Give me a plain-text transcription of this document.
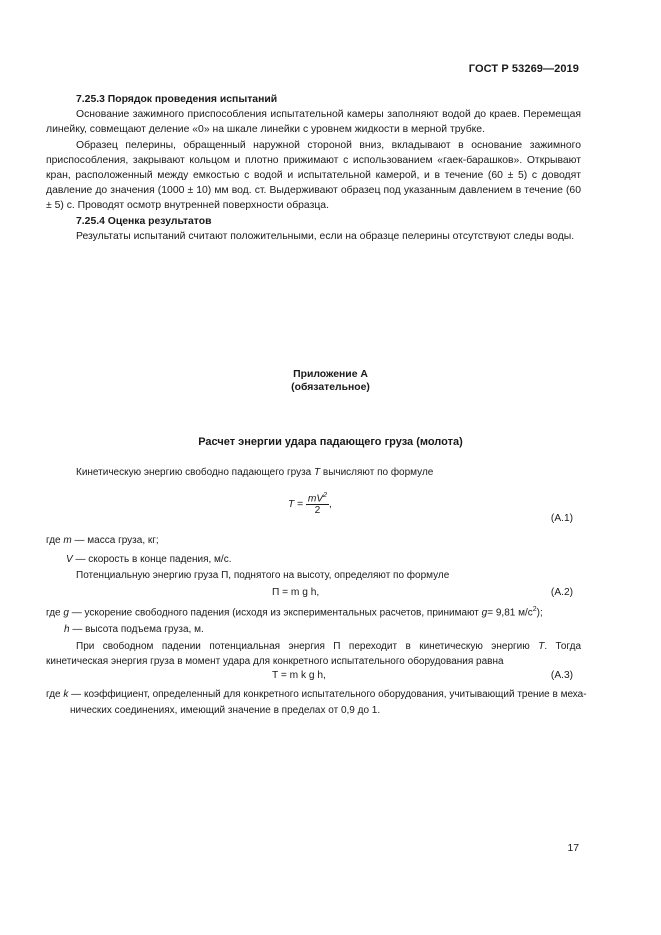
ГОСТ Р 53269—2019

7.25.3 Порядок проведения испытаний

Основание зажимного приспособления испытательной камеры заполняют водой до краев. Перемещая линейку, совмещают деление «0» на шкале линейки с уровнем жидкости в мерной трубке.

Образец пелерины, обращенный наружной стороной вниз, вкладывают в основание зажимного приспособления, закрывают кольцом и плотно прижимают с использованием «гаек-барашков». Открывают кран, расположенный между емкостью с водой и испытательной камерой, и в течение (60 ± 5) с доводят давление до значения (1000 ± 10) мм вод. ст. Выдерживают образец под указанным давлением в течение (60 ± 5) с. Проводят осмотр внутренней поверхности образца.

7.25.4 Оценка результатов

Результаты испытаний считают положительными, если на образце пелерины отсутствуют следы воды.

Приложение А
(обязательное)
Расчет энергии удара падающего груза (молота)
Кинетическую энергию свободно падающего груза T вычисляют по формуле
$T = \frac{mV^2}{2}$ ,
(А.1)
где m — масса груза, кг;
V — скорость в конце падения, м/с.
Потенциальную энергию груза П, поднятого на высоту, определяют по формуле
П = m g h,	(А.2)
где g — ускорение свободного падения (исходя из экспериментальных расчетов, принимают g= 9,81 $м/с^2$);
h — высота подъема груза, м.
При свободном падении потенциальная энергия П переходит в кинетическую энергию T. Тогда кинетическая энергия груза в момент удара для конкретного испытательного оборудования равна
T = m k g h,	(А.3)
где k — коэффициент, определенный для конкретного испытательного оборудования, учитывающий трение в меха-
нических соединениях, имеющий значение в пределах от 0,9 до 1.
17
